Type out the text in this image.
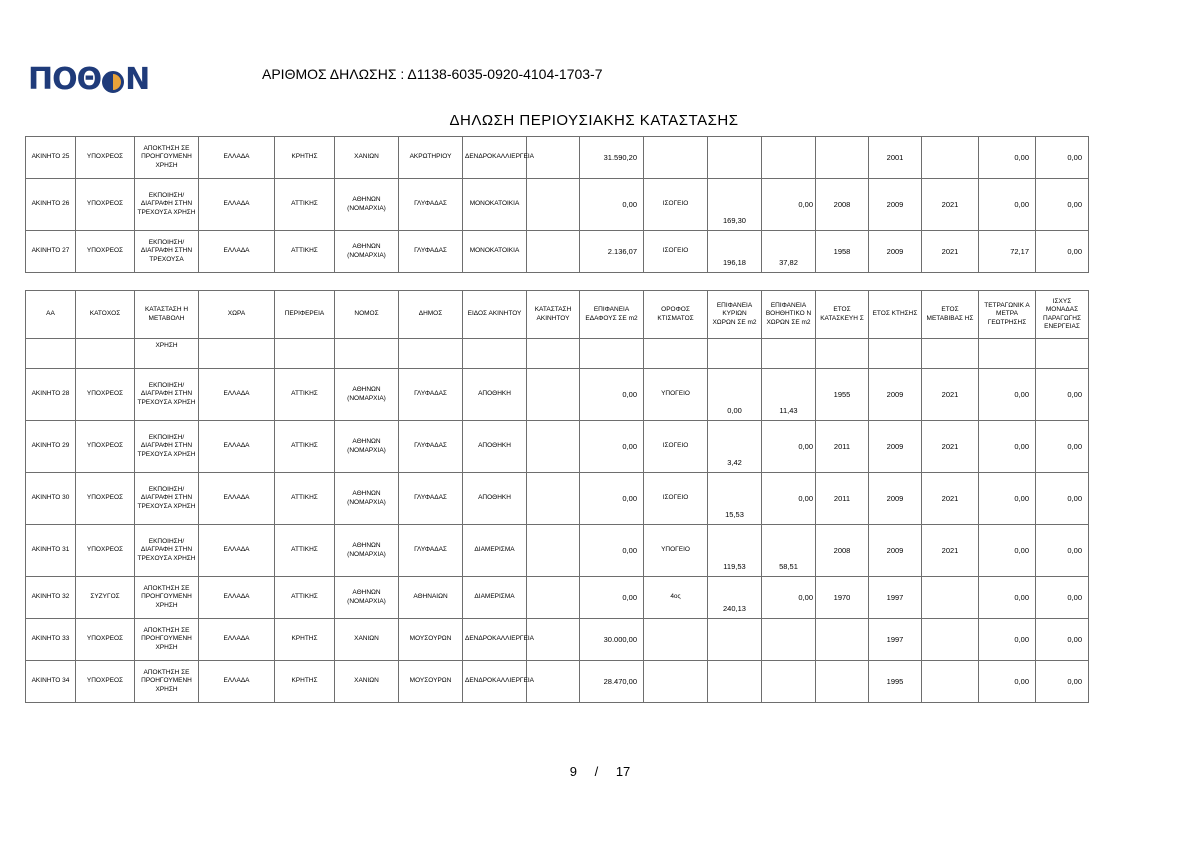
ΠΟΘ Ν	ΑΡΙΘΜΟΣ ΔΗΛΩΣΗΣ : Δ1138-6035-0920-4104-1703-7
ΔΗΛΩΣΗ ΠΕΡΙΟΥΣΙΑΚΗΣ ΚΑΤΑΣΤΑΣΗΣ
ΑΚΙΝΗΤΟ 25	ΥΠΟΧΡΕΟΣ	ΑΠΟΚΤΗΣΗ ΣΕ ΠΡΟΗΓΟΥΜΕΝΗ ΧΡΗΣΗ	ΕΛΛΑΔΑ	ΚΡΗΤΗΣ	ΧΑΝΙΩΝ	ΑΚΡΩΤΗΡΙΟΥ	ΔΕΝΔΡΟΚΑΛΛΙΕΡΓΕΙΑ		31.590,20					2001		0,00	0,00
ΑΚΙΝΗΤΟ 26	ΥΠΟΧΡΕΟΣ	ΕΚΠΟΙΗΣΗ/ΔΙΑΓΡΑΦΗ ΣΤΗΝ ΤΡΕΧΟΥΣΑ ΧΡΗΣΗ	ΕΛΛΑΔΑ	ΑΤΤΙΚΗΣ	ΑΘΗΝΩΝ (ΝΟΜΑΡΧΙΑ)	ΓΛΥΦΑΔΑΣ	ΜΟΝΟΚΑΤΟΙΚΙΑ		0,00	ΙΣΟΓΕΙΟ	169,30	0,00	2008	2009	2021	0,00	0,00
ΑΚΙΝΗΤΟ 27	ΥΠΟΧΡΕΟΣ	ΕΚΠΟΙΗΣΗ/ΔΙΑΓΡΑΦΗ ΣΤΗΝ ΤΡΕΧΟΥΣΑ	ΕΛΛΑΔΑ	ΑΤΤΙΚΗΣ	ΑΘΗΝΩΝ (ΝΟΜΑΡΧΙΑ)	ΓΛΥΦΑΔΑΣ	ΜΟΝΟΚΑΤΟΙΚΙΑ		2.136,07	ΙΣΟΓΕΙΟ	196,18	37,82	1958	2009	2021	72,17	0,00
ΑΑ	ΚΑΤΟΧΟΣ	ΚΑΤΑΣΤΑΣΗ Η ΜΕΤΑΒΟΛΗ	ΧΩΡΑ	ΠΕΡΙΦΕΡΕΙΑ	ΝΟΜΟΣ	ΔΗΜΟΣ	ΕΙΔΟΣ ΑΚΙΝΗΤΟΥ	ΚΑΤΑΣΤΑΣΗ ΑΚΙΝΗΤΟΥ	ΕΠΙΦΑΝΕΙΑ ΕΔΑΦΟΥΣ ΣΕ m2	ΟΡΟΦΟΣ ΚΤΙΣΜΑΤΟΣ	ΕΠΙΦΑΝΕΙΑ ΚΥΡΙΩΝ ΧΩΡΩΝ ΣΕ m2	ΕΠΙΦΑΝΕΙΑ ΒΟΗΘΗΤΙΚΟ Ν ΧΩΡΩΝ ΣΕ m2	ΕΤΟΣ ΚΑΤΑΣΚΕΥΗ Σ	ΕΤΟΣ ΚΤΗΣΗΣ	ΕΤΟΣ ΜΕΤΑΒΙΒΑΣ ΗΣ	ΤΕΤΡΑΓΩΝΙΚ Α ΜΕΤΡΑ ΓΕΩΤΡΗΣΗΣ	ΙΣΧΥΣ ΜΟΝΑΔΑΣ ΠΑΡΑΓΩΓΗΣ ΕΝΕΡΓΕΙΑΣ
		ΧΡΗΣΗ															
ΑΚΙΝΗΤΟ 28	ΥΠΟΧΡΕΟΣ	ΕΚΠΟΙΗΣΗ/ΔΙΑΓΡΑΦΗ ΣΤΗΝ ΤΡΕΧΟΥΣΑ ΧΡΗΣΗ	ΕΛΛΑΔΑ	ΑΤΤΙΚΗΣ	ΑΘΗΝΩΝ (ΝΟΜΑΡΧΙΑ)	ΓΛΥΦΑΔΑΣ	ΑΠΟΘΗΚΗ		0,00	ΥΠΟΓΕΙΟ	0,00	11,43	1955	2009	2021	0,00	0,00
ΑΚΙΝΗΤΟ 29	ΥΠΟΧΡΕΟΣ	ΕΚΠΟΙΗΣΗ/ΔΙΑΓΡΑΦΗ ΣΤΗΝ ΤΡΕΧΟΥΣΑ ΧΡΗΣΗ	ΕΛΛΑΔΑ	ΑΤΤΙΚΗΣ	ΑΘΗΝΩΝ (ΝΟΜΑΡΧΙΑ)	ΓΛΥΦΑΔΑΣ	ΑΠΟΘΗΚΗ		0,00	ΙΣΟΓΕΙΟ	3,42	0,00	2011	2009	2021	0,00	0,00
ΑΚΙΝΗΤΟ 30	ΥΠΟΧΡΕΟΣ	ΕΚΠΟΙΗΣΗ/ΔΙΑΓΡΑΦΗ ΣΤΗΝ ΤΡΕΧΟΥΣΑ ΧΡΗΣΗ	ΕΛΛΑΔΑ	ΑΤΤΙΚΗΣ	ΑΘΗΝΩΝ (ΝΟΜΑΡΧΙΑ)	ΓΛΥΦΑΔΑΣ	ΑΠΟΘΗΚΗ		0,00	ΙΣΟΓΕΙΟ	15,53	0,00	2011	2009	2021	0,00	0,00
ΑΚΙΝΗΤΟ 31	ΥΠΟΧΡΕΟΣ	ΕΚΠΟΙΗΣΗ/ΔΙΑΓΡΑΦΗ ΣΤΗΝ ΤΡΕΧΟΥΣΑ ΧΡΗΣΗ	ΕΛΛΑΔΑ	ΑΤΤΙΚΗΣ	ΑΘΗΝΩΝ (ΝΟΜΑΡΧΙΑ)	ΓΛΥΦΑΔΑΣ	ΔΙΑΜΕΡΙΣΜΑ		0,00	ΥΠΟΓΕΙΟ	119,53	58,51	2008	2009	2021	0,00	0,00
ΑΚΙΝΗΤΟ 32	ΣΥΖΥΓΟΣ	ΑΠΟΚΤΗΣΗ ΣΕ ΠΡΟΗΓΟΥΜΕΝΗ ΧΡΗΣΗ	ΕΛΛΑΔΑ	ΑΤΤΙΚΗΣ	ΑΘΗΝΩΝ (ΝΟΜΑΡΧΙΑ)	ΑΘΗΝΑΙΩΝ	ΔΙΑΜΕΡΙΣΜΑ		0,00	4ος	240,13	0,00	1970	1997		0,00	0,00
ΑΚΙΝΗΤΟ 33	ΥΠΟΧΡΕΟΣ	ΑΠΟΚΤΗΣΗ ΣΕ ΠΡΟΗΓΟΥΜΕΝΗ ΧΡΗΣΗ	ΕΛΛΑΔΑ	ΚΡΗΤΗΣ	ΧΑΝΙΩΝ	ΜΟΥΣΟΥΡΩΝ	ΔΕΝΔΡΟΚΑΛΛΙΕΡΓΕΙΑ		30.000,00					1997		0,00	0,00
ΑΚΙΝΗΤΟ 34	ΥΠΟΧΡΕΟΣ	ΑΠΟΚΤΗΣΗ ΣΕ ΠΡΟΗΓΟΥΜΕΝΗ ΧΡΗΣΗ	ΕΛΛΑΔΑ	ΚΡΗΤΗΣ	ΧΑΝΙΩΝ	ΜΟΥΣΟΥΡΩΝ	ΔΕΝΔΡΟΚΑΛΛΙΕΡΓΕΙΑ		28.470,00					1995		0,00	0,00
9 / 17
